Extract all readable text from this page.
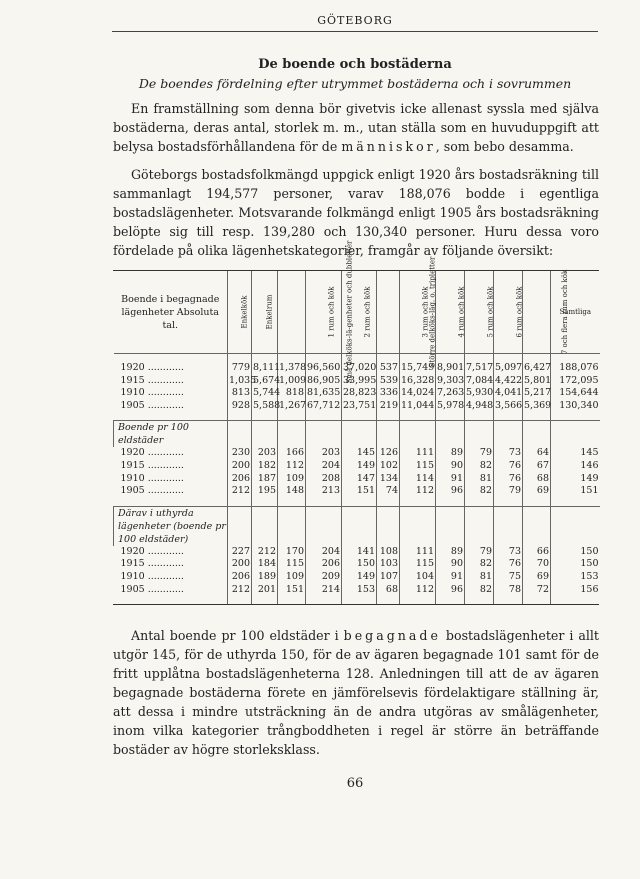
GÖTEBORG
De boende och bostäderna
De boendes fördelning efter utrymmet bostäderna och i sovrummen

En framställning som denna bör givetvis icke allenast syssla med själva bostäderna, deras antal, storlek m. m., utan ställa som en huvuduppgift att belysa bostadsförhållandena för de människor, som bebo desamma.

Göteborgs bostadsfolkmängd uppgick enligt 1920 års bostadsräkning till sammanlagt 194,577 personer, varav 188,076 bodde i egentliga bostadslägenheter. Motsvarande folkmängd enligt 1905 års bostadsräkning belöpte sig till resp. 139,280 och 130,340 personer. Huru dessa voro fördelade på olika lägenhetskategorier, framgår av följande översikt:

Boende i begagnade lägenheter Absoluta tal.	Enkelkök	Enkelrum	Små delköks-lä-genheter och dubbletter	1 rum och kök	2 rum och kök	Större delköks-läg. o. tripletter	3 rum och kök	4 rum och kök	5 rum och kök	6 rum och kök	7 och flera rum och kök	Samtliga

1920 ............	779	8,111	1,378	96,560	37,020	537	15,749	8,901	7,517	5,097	6,427	188,076
1915 ............	1,035	5,674	1,009	86,905	33,995	539	16,328	9,303	7,084	4,422	5,801	172,095
1910 ............	813	5,744	818	81,635	28,823	336	14,024	7,263	5,930	4,041	5,217	154,644
1905 ............	928	5,588	1,267	67,712	23,751	219	11,044	5,978	4,948	3,566	5,369	130,340

Boende pr 100 eldstäder												
1920 ............	230	203	166	203	145	126	111	89	79	73	64	145
1915 ............	200	182	112	204	149	102	115	90	82	76	67	146
1910 ............	206	187	109	208	147	134	114	91	81	76	68	149
1905 ............	212	195	148	213	151	74	112	96	82	79	69	151

Därav i uthyrda lägenheter (boende pr 100 eldstäder)												
1920 ............	227	212	170	204	141	108	111	89	79	73	66	150
1915 ............	200	184	115	206	150	103	115	90	82	76	70	150
1910 ............	206	189	109	209	149	107	104	91	81	75	69	153
1905 ............	212	201	151	214	153	68	112	96	82	78	72	156

Antal boende pr 100 eldstäder i begagnade bostadslägenheter i allt utgör 145, för de uthyrda 150, för de av ägaren begagnade 101 samt för de fritt upplåtna bostadslägenheterna 128. Anledningen till att de av ägaren begagnade bostäderna förete en jämförelsevis fördelaktigare ställning är, att dessa i mindre utsträckning än de andra utgöras av smålägenheter, inom vilka kategorier trångboddheten i regel är större än beträffande bostäder av högre storleksklass.

66
